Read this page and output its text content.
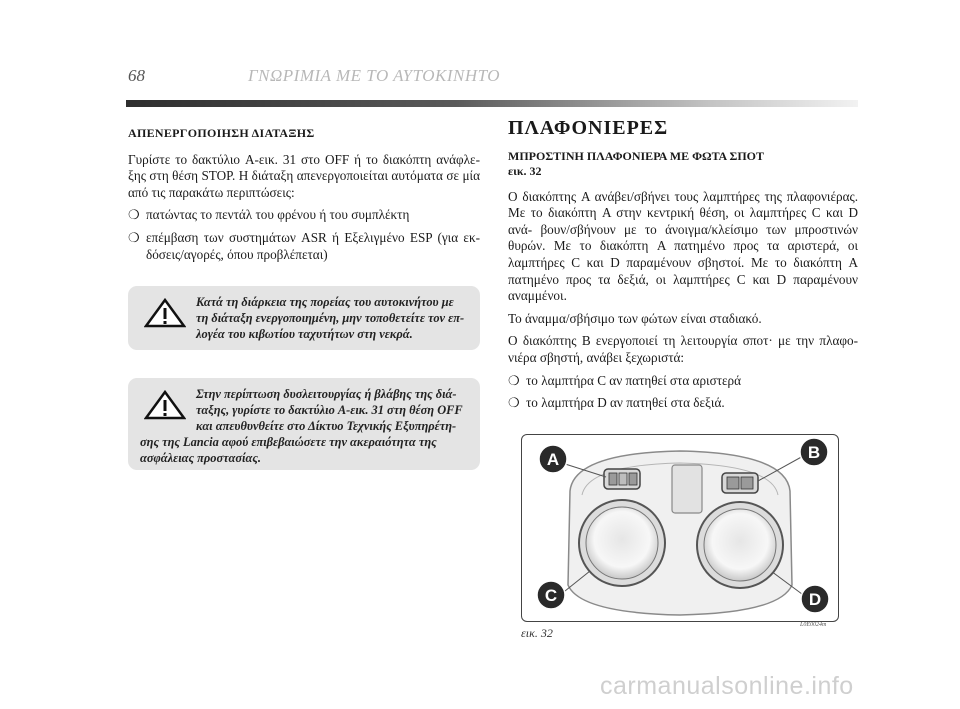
68	ΓΝΩΡΙΜΙΑ ΜΕ ΤΟ ΑΥΤΟΚΙΝΗΤΟ
ΑΠΕΝΕΡΓΟΠΟΙΗΣΗ ΔΙΑΤΑΞΗΣ

Γυρίστε το δακτύλιο A-εικ. 31 στο OFF ή το διακόπτη ανάφλε- ξης στη θέση STOP. Η διάταξη απενεργοποιείται αυτόματα σε μία από τις παρακάτω περιπτώσεις:

❍ πατώντας το πεντάλ του φρένου ή του συμπλέκτη
❍ επέμβαση των συστημάτων ASR ή Εξελιγμένο ESP (για εκ- δόσεις/αγορές, όπου προβλέπεται)
Κατά τη διάρκεια της πορείας του αυτοκινήτου με τη διάταξη ενεργοποιημένη, μην τοποθετείτε τον επ- λογέα του κιβωτίου ταχυτήτων στη νεκρά.
Στην περίπτωση δυσλειτουργίας ή βλάβης της διά- ταξης, γυρίστε το δακτύλιο A-εικ. 31 στη θέση OFF και απευθυνθείτε στο Δίκτυο Τεχνικής Εξυπηρέτη- σης της Lancia αφού επιβεβαιώσετε την ακεραιότητα της ασφάλειας προστασίας.
ΠΛΑΦΟΝΙΕΡΕΣ
ΜΠΡΟΣΤΙΝΗ ΠΛΑΦΟΝΙΕΡΑ ΜΕ ΦΩΤΑ ΣΠΟΤ
εικ. 32

Ο διακόπτης A ανάβει/σβήνει τους λαμπτήρες της πλαφονιέρας. Με το διακόπτη A στην κεντρική θέση, οι λαμπτήρες C και D ανά- βουν/σβήνουν με το άνοιγμα/κλείσιμο των μπροστινών θυρών. Με το διακόπτη A πατημένο προς τα αριστερά, οι λαμπτήρες C και D παραμένουν σβηστοί. Με το διακόπτη A πατημένο προς τα δεξιά, οι λαμπτήρες C και D παραμένουν αναμμένοι.

Το άναμμα/σβήσιμο των φώτων είναι σταδιακό.

Ο διακόπτης B ενεργοποιεί τη λειτουργία σποτ· με την πλαφο- νιέρα σβηστή, ανάβει ξεχωριστά:

❍ το λαμπτήρα C αν πατηθεί στα αριστερά
❍ το λαμπτήρα D αν πατηθεί στα δεξιά.
A	B
C	D
εικ. 32
L0E0024m
carmanualsonline.info
